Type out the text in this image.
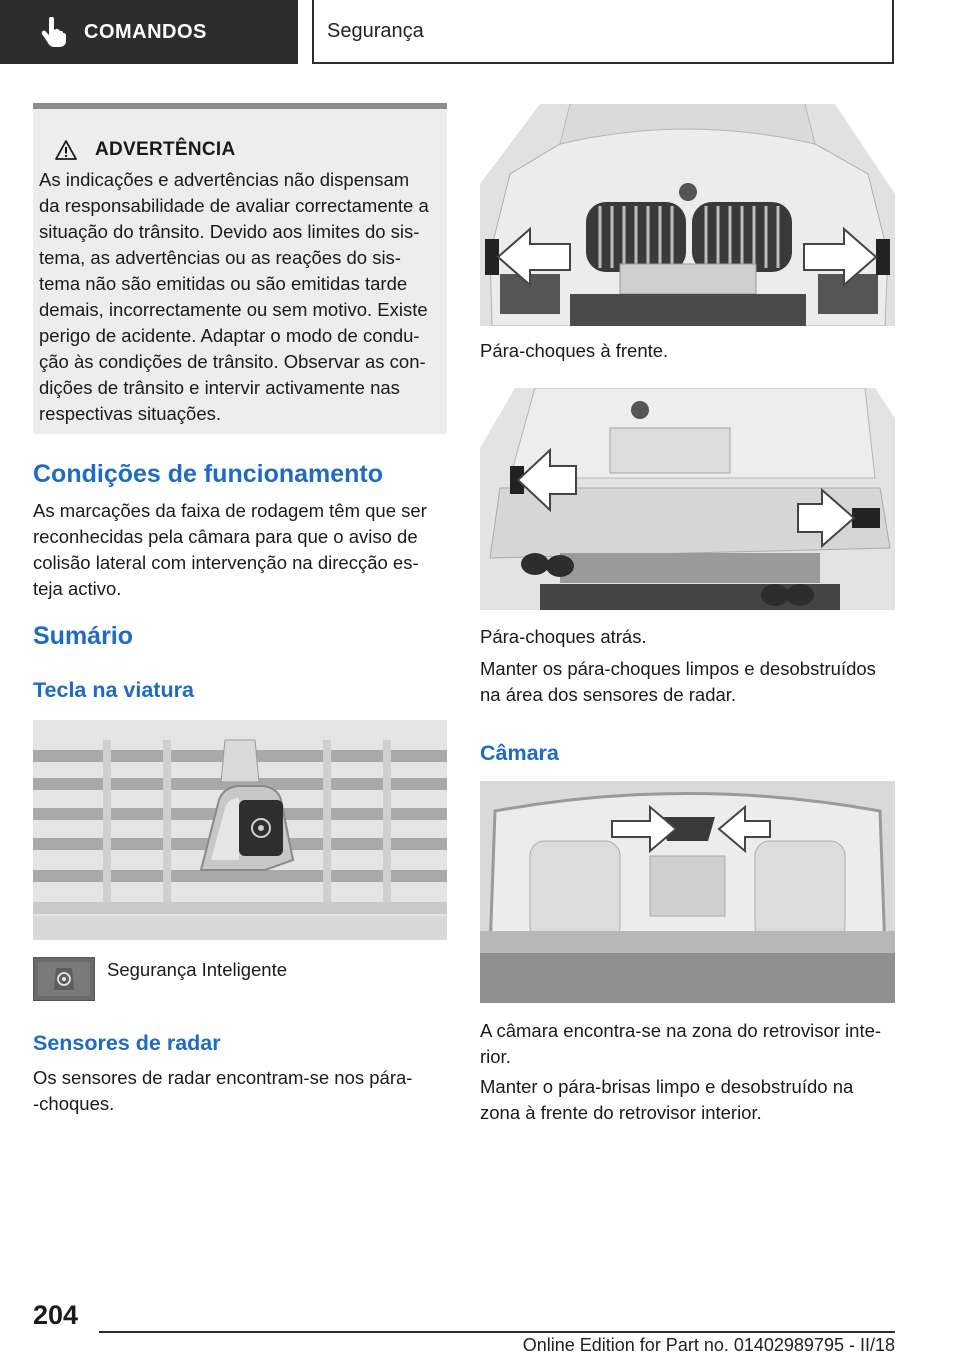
COMANDOS	Segurança
ADVERTÊNCIA
As indicações e advertências não dispensam
da responsabilidade de avaliar correctamente a
situação do trânsito. Devido aos limites do sis‐
tema, as advertências ou as reações do sis‐
tema não são emitidas ou são emitidas tarde
demais, incorrectamente ou sem motivo. Existe
perigo de acidente. Adaptar o modo de condu‐
ção às condições de trânsito. Observar as con‐
dições de trânsito e intervir activamente nas
respectivas situações.
Condições de funcionamento
As marcações da faixa de rodagem têm que ser
reconhecidas pela câmara para que o aviso de
colisão lateral com intervenção na direcção es‐
teja activo.
Sumário
Tecla na viatura
Segurança Inteligente
Sensores de radar
Os sensores de radar encontram-se nos pára‐
‐choques.
Pára-choques à frente.
Pára-choques atrás.
Manter os pára-choques limpos e desobstruídos
na área dos sensores de radar.
Câmara
A câmara encontra-se na zona do retrovisor inte‐
rior.
Manter o pára-brisas limpo e desobstruído na
zona à frente do retrovisor interior.
204
Online Edition for Part no. 01402989795 - II/18
